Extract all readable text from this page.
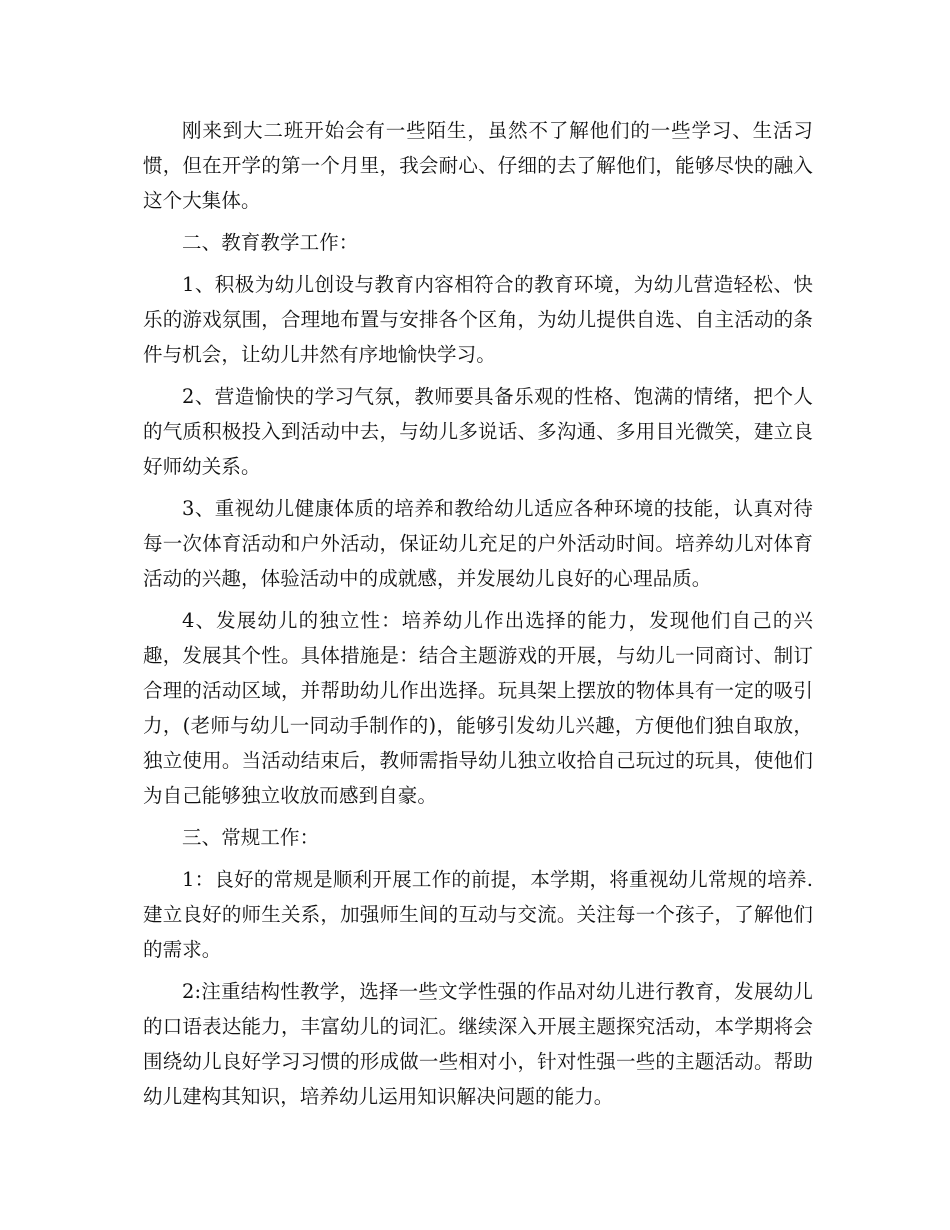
刚来到大二班开始会有一些陌生，虽然不了解他们的一些学习、生活习惯，但在开学的第一个月里，我会耐心、仔细的去了解他们，能够尽快的融入这个大集体。

二、教育教学工作：

1、积极为幼儿创设与教育内容相符合的教育环境，为幼儿营造轻松、快乐的游戏氛围，合理地布置与安排各个区角，为幼儿提供自选、自主活动的条件与机会，让幼儿井然有序地愉快学习。

2、营造愉快的学习气氛，教师要具备乐观的性格、饱满的情绪，把个人的气质积极投入到活动中去，与幼儿多说话、多沟通、多用目光微笑，建立良好师幼关系。

3、重视幼儿健康体质的培养和教给幼儿适应各种环境的技能，认真对待每一次体育活动和户外活动，保证幼儿充足的户外活动时间。培养幼儿对体育活动的兴趣，体验活动中的成就感，并发展幼儿良好的心理品质。

4、发展幼儿的独立性：培养幼儿作出选择的能力，发现他们自己的兴趣，发展其个性。具体措施是：结合主题游戏的开展，与幼儿一同商讨、制订合理的活动区域，并帮助幼儿作出选择。玩具架上摆放的物体具有一定的吸引力，(老师与幼儿一同动手制作的)，能够引发幼儿兴趣，方便他们独自取放，独立使用。当活动结束后，教师需指导幼儿独立收拾自己玩过的玩具，使他们为自己能够独立收放而感到自豪。

三、常规工作：

1：良好的常规是顺利开展工作的前提，本学期，将重视幼儿常规的培养.建立良好的师生关系，加强师生间的互动与交流。关注每一个孩子，了解他们的需求。

2:注重结构性教学，选择一些文学性强的作品对幼儿进行教育，发展幼儿的口语表达能力，丰富幼儿的词汇。继续深入开展主题探究活动，本学期将会围绕幼儿良好学习习惯的形成做一些相对小，针对性强一些的主题活动。帮助幼儿建构其知识，培养幼儿运用知识解决问题的能力。
